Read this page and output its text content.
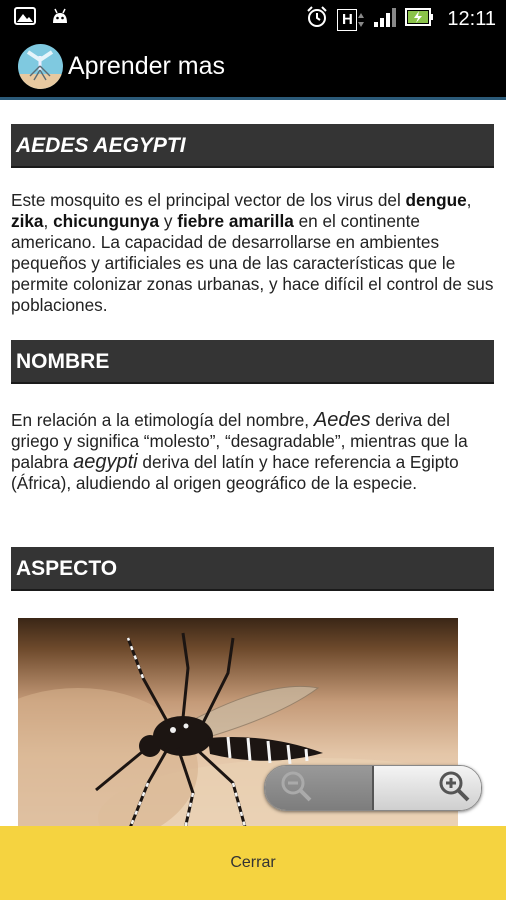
H	12:11
Aprender mas
AEDES AEGYPTI
Este mosquito es el principal vector de los virus del dengue, zika, chicungunya y fiebre amarilla en el continente americano. La capacidad de desarrollarse en ambientes pequeños y artificiales es una de las características que le permite colonizar zonas urbanas, y hace difícil el control de sus poblaciones.
NOMBRE
En relación a la etimología del nombre, Aedes deriva del griego y significa “molesto”, “desagradable”, mientras que la palabra aegypti deriva del latín y hace referencia a Egipto (África), aludiendo al origen geográfico de la especie.
ASPECTO
Cerrar
